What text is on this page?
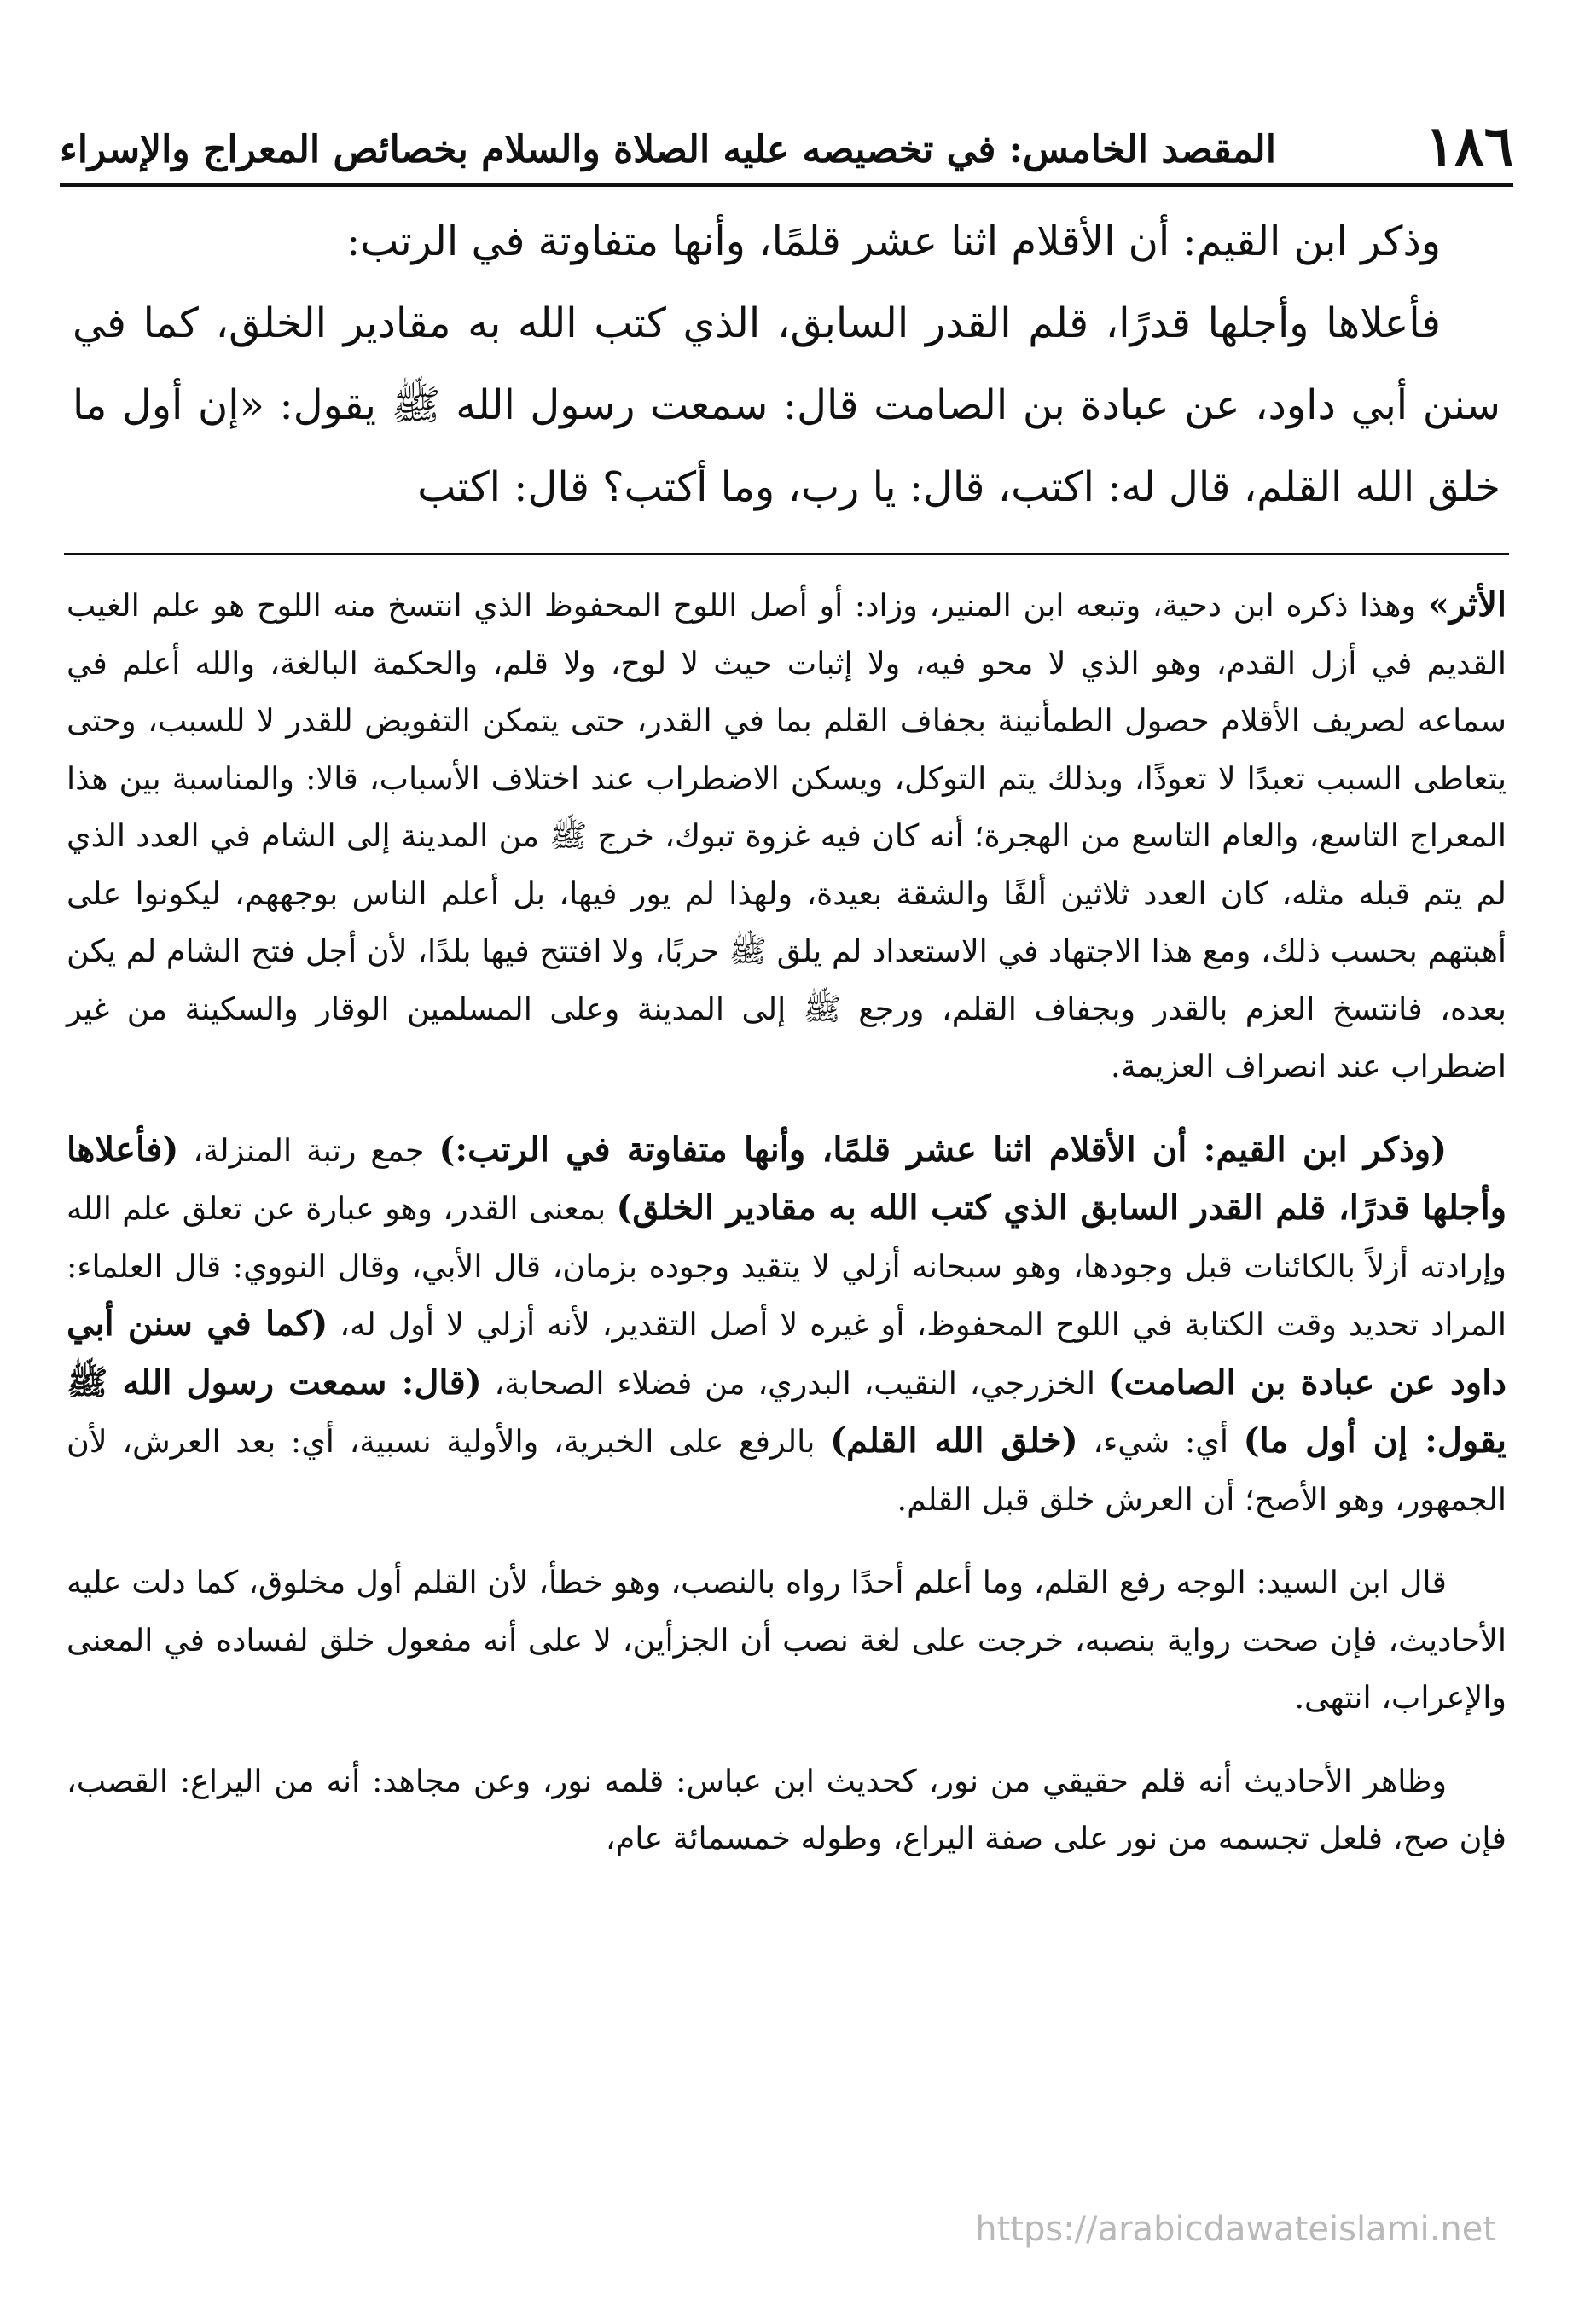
١٨٦
المقصد الخامس: في تخصيصه عليه الصلاة والسلام بخصائص المعراج والإسراء

وذكر ابن القيم: أن الأقلام اثنا عشر قلمًا، وأنها متفاوتة في الرتب:

فأعلاها وأجلها قدرًا، قلم القدر السابق، الذي كتب الله به مقادير الخلق، كما في سنن أبي داود، عن عبادة بن الصامت قال: سمعت رسول الله ﷺ يقول: «إن أول ما خلق الله القلم، قال له: اكتب، قال: يا رب، وما أكتب؟ قال: اكتب

الأثر» وهذا ذكره ابن دحية، وتبعه ابن المنير، وزاد: أو أصل اللوح المحفوظ الذي انتسخ منه اللوح هو علم الغيب القديم في أزل القدم، وهو الذي لا محو فيه، ولا إثبات حيث لا لوح، ولا قلم، والحكمة البالغة، والله أعلم في سماعه لصريف الأقلام حصول الطمأنينة بجفاف القلم بما في القدر، حتى يتمكن التفويض للقدر لا للسبب، وحتى يتعاطى السبب تعبدًا لا تعوذًا، وبذلك يتم التوكل، ويسكن الاضطراب عند اختلاف الأسباب، قالا: والمناسبة بين هذا المعراج التاسع، والعام التاسع من الهجرة؛ أنه كان فيه غزوة تبوك، خرج ﷺ من المدينة إلى الشام في العدد الذي لم يتم قبله مثله، كان العدد ثلاثين ألفًا والشقة بعيدة، ولهذا لم يور فيها، بل أعلم الناس بوجههم، ليكونوا على أهبتهم بحسب ذلك، ومع هذا الاجتهاد في الاستعداد لم يلق ﷺ حربًا، ولا افتتح فيها بلدًا، لأن أجل فتح الشام لم يكن بعده، فانتسخ العزم بالقدر وبجفاف القلم، ورجع ﷺ إلى المدينة وعلى المسلمين الوقار والسكينة من غير اضطراب عند انصراف العزيمة.

(وذكر ابن القيم: أن الأقلام اثنا عشر قلمًا، وأنها متفاوتة في الرتب:) جمع رتبة المنزلة، (فأعلاها وأجلها قدرًا، قلم القدر السابق الذي كتب الله به مقادير الخلق) بمعنى القدر، وهو عبارة عن تعلق علم الله وإرادته أزلاً بالكائنات قبل وجودها، وهو سبحانه أزلي لا يتقيد وجوده بزمان، قال الأبي، وقال النووي: قال العلماء: المراد تحديد وقت الكتابة في اللوح المحفوظ، أو غيره لا أصل التقدير، لأنه أزلي لا أول له، (كما في سنن أبي داود عن عبادة بن الصامت) الخزرجي، النقيب، البدري، من فضلاء الصحابة، (قال: سمعت رسول الله ﷺ يقول: إن أول ما) أي: شيء، (خلق الله القلم) بالرفع على الخبرية، والأولية نسبية، أي: بعد العرش، لأن الجمهور، وهو الأصح؛ أن العرش خلق قبل القلم.

قال ابن السيد: الوجه رفع القلم، وما أعلم أحدًا رواه بالنصب، وهو خطأ، لأن القلم أول مخلوق، كما دلت عليه الأحاديث، فإن صحت رواية بنصبه، خرجت على لغة نصب أن الجزأين، لا على أنه مفعول خلق لفساده في المعنى والإعراب، انتهى.

وظاهر الأحاديث أنه قلم حقيقي من نور، كحديث ابن عباس: قلمه نور، وعن مجاهد: أنه من اليراع: القصب، فإن صح، فلعل تجسمه من نور على صفة اليراع، وطوله خمسمائة عام،

https://arabicdawateislami.net
